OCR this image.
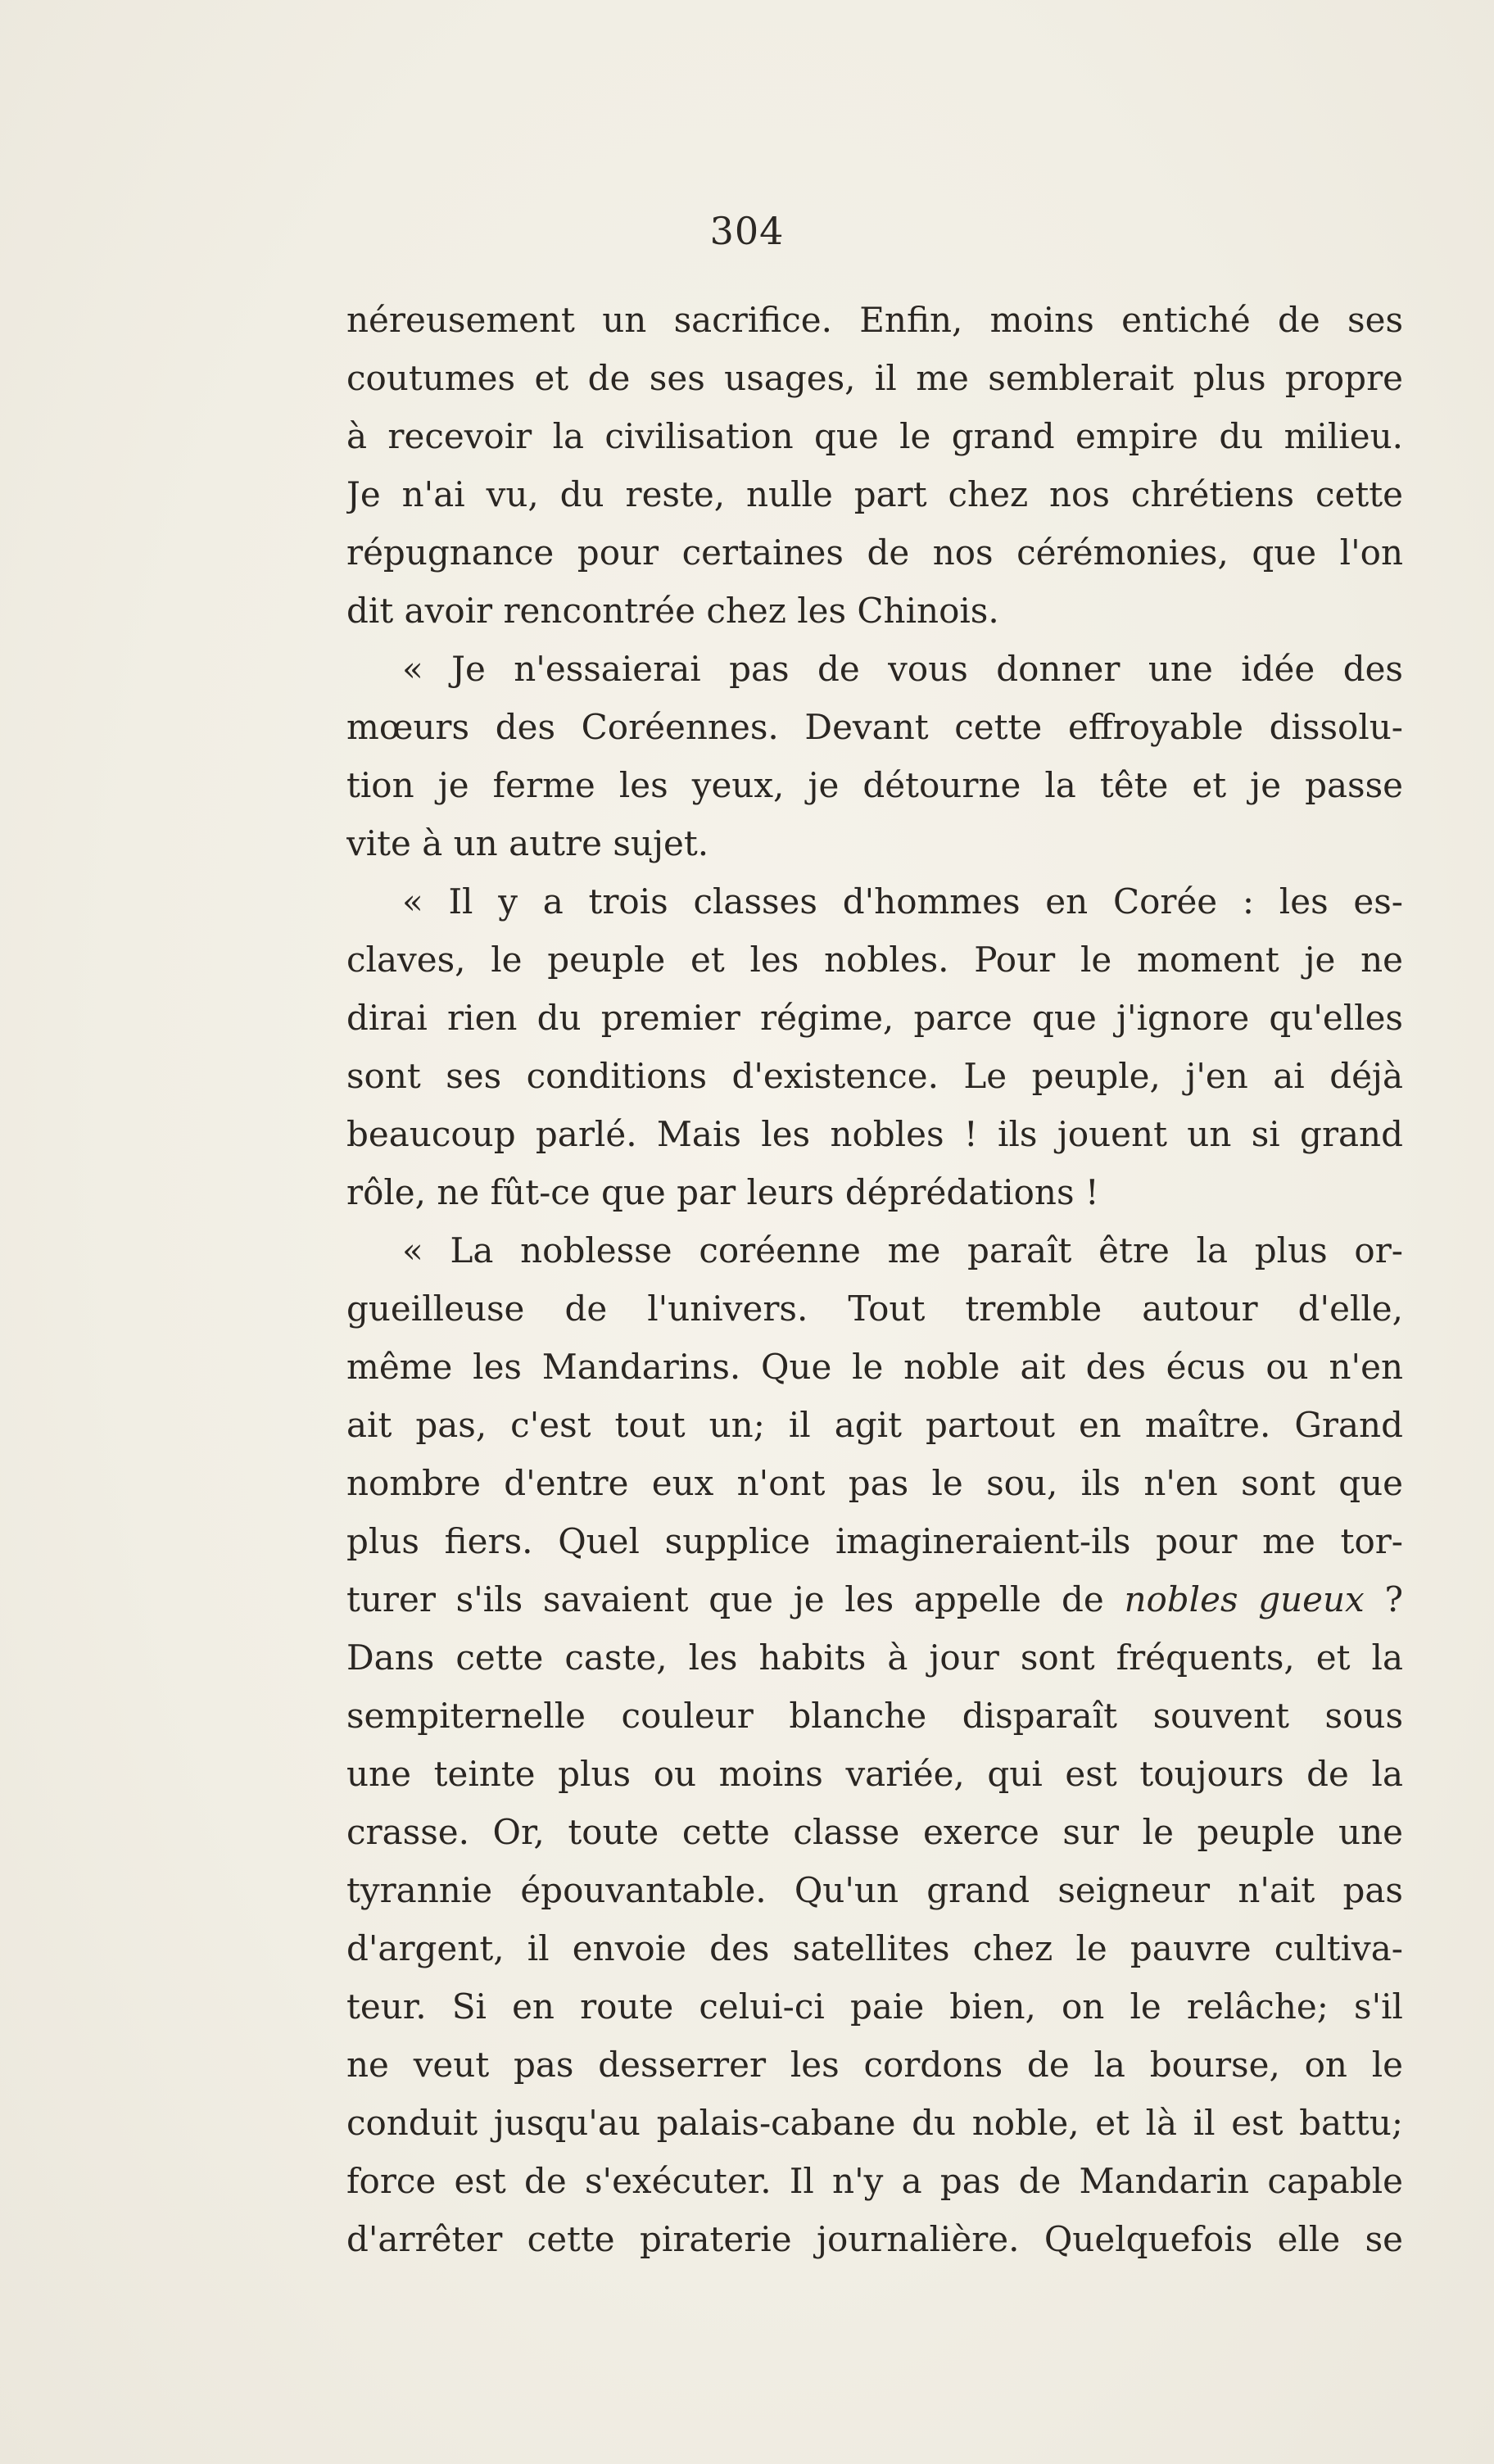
304
néreusement un sacrifice. Enfin, moins entiché de ses
coutumes et de ses usages, il me semblerait plus propre
à recevoir la civilisation que le grand empire du milieu.
Je n'ai vu, du reste, nulle part chez nos chrétiens cette
répugnance pour certaines de nos cérémonies, que l'on
dit avoir rencontrée chez les Chinois.
« Je n'essaierai pas de vous donner une idée des
mœurs des Coréennes. Devant cette effroyable dissolu-
tion je ferme les yeux, je détourne la tête et je passe
vite à un autre sujet.
« Il y a trois classes d'hommes en Corée : les es-
claves, le peuple et les nobles. Pour le moment je ne
dirai rien du premier régime, parce que j'ignore qu'elles
sont ses conditions d'existence. Le peuple, j'en ai déjà
beaucoup parlé. Mais les nobles ! ils jouent un si grand
rôle, ne fût-ce que par leurs déprédations !
« La noblesse coréenne me paraît être la plus or-
gueilleuse de l'univers. Tout tremble autour d'elle,
même les Mandarins. Que le noble ait des écus ou n'en
ait pas, c'est tout un; il agit partout en maître. Grand
nombre d'entre eux n'ont pas le sou, ils n'en sont que
plus fiers. Quel supplice imagineraient-ils pour me tor-
turer s'ils savaient que je les appelle de nobles gueux ?
Dans cette caste, les habits à jour sont fréquents, et la
sempiternelle couleur blanche disparaît souvent sous
une teinte plus ou moins variée, qui est toujours de la
crasse. Or, toute cette classe exerce sur le peuple une
tyrannie épouvantable. Qu'un grand seigneur n'ait pas
d'argent, il envoie des satellites chez le pauvre cultiva-
teur. Si en route celui-ci paie bien, on le relâche; s'il
ne veut pas desserrer les cordons de la bourse, on le
conduit jusqu'au palais-cabane du noble, et là il est battu;
force est de s'exécuter. Il n'y a pas de Mandarin capable
d'arrêter cette piraterie journalière. Quelquefois elle se
